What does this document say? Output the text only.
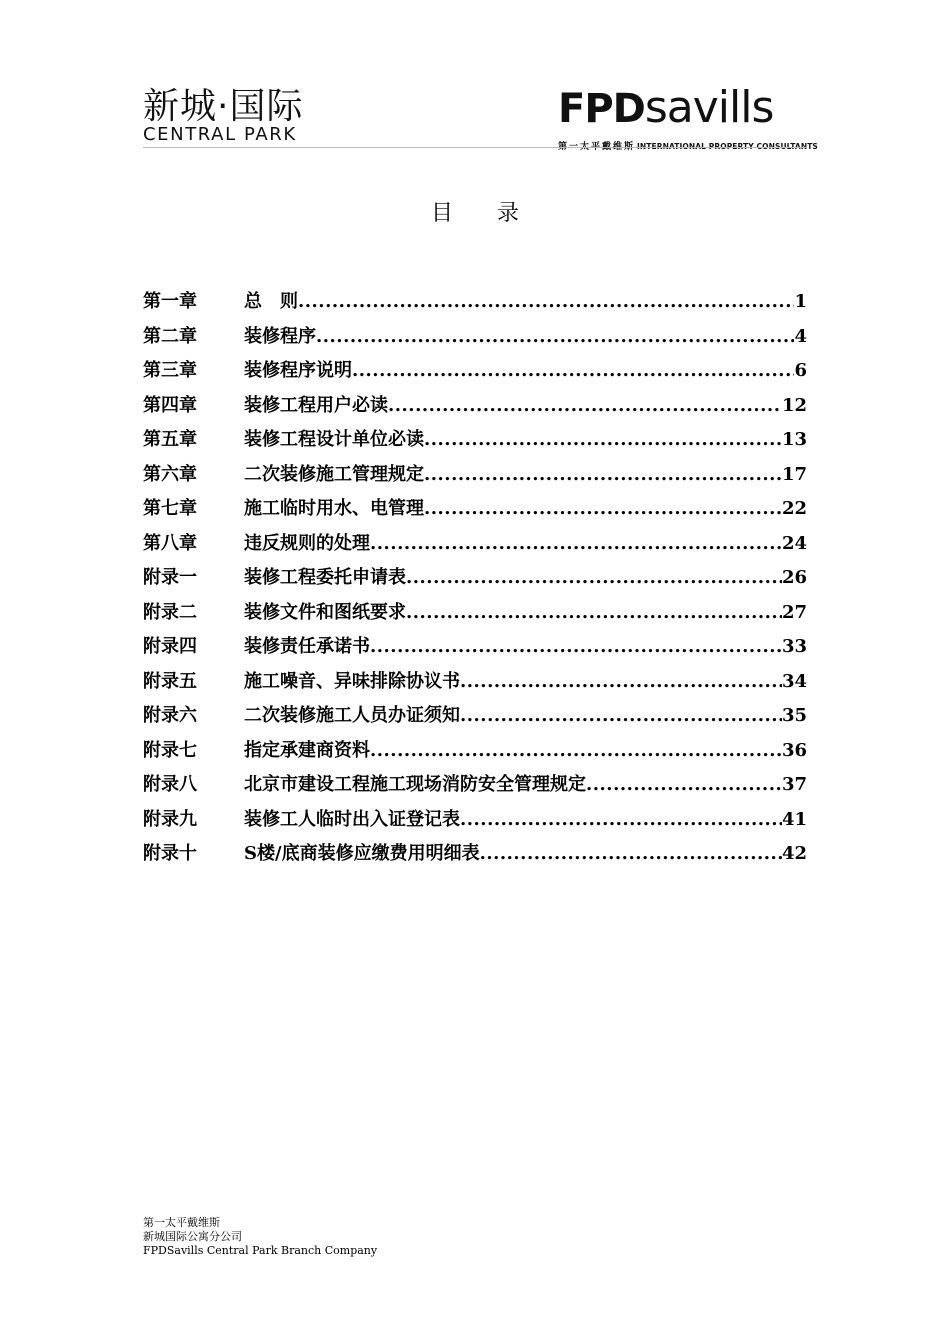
新城·国际
CENTRAL PARK
FPDsavills
第一太平戴维斯 INTERNATIONAL PROPERTY CONSULTANTS
目录
第一章	总　则 .....	1
第二章	装修程序 .....	4
第三章	装修程序说明 .....	6
第四章	装修工程用户必读 .....	12
第五章	装修工程设计单位必读 .....	13
第六章	二次装修施工管理规定 .....	17
第七章	施工临时用水、电管理 .....	22
第八章	违反规则的处理 .....	24
附录一	装修工程委托申请表 .....	26
附录二	装修文件和图纸要求 .....	27
附录四	装修责任承诺书 .....	33
附录五	施工噪音、异味排除协议书 .....	34
附录六	二次装修施工人员办证须知 .....	35
附录七	指定承建商资料 .....	36
附录八	北京市建设工程施工现场消防安全管理规定 .....	37
附录九	装修工人临时出入证登记表 .....	41
附录十	S楼/底商装修应缴费用明细表 .....	42
第一太平戴维斯
新城国际公寓分公司
FPDSavills Central Park Branch Company
